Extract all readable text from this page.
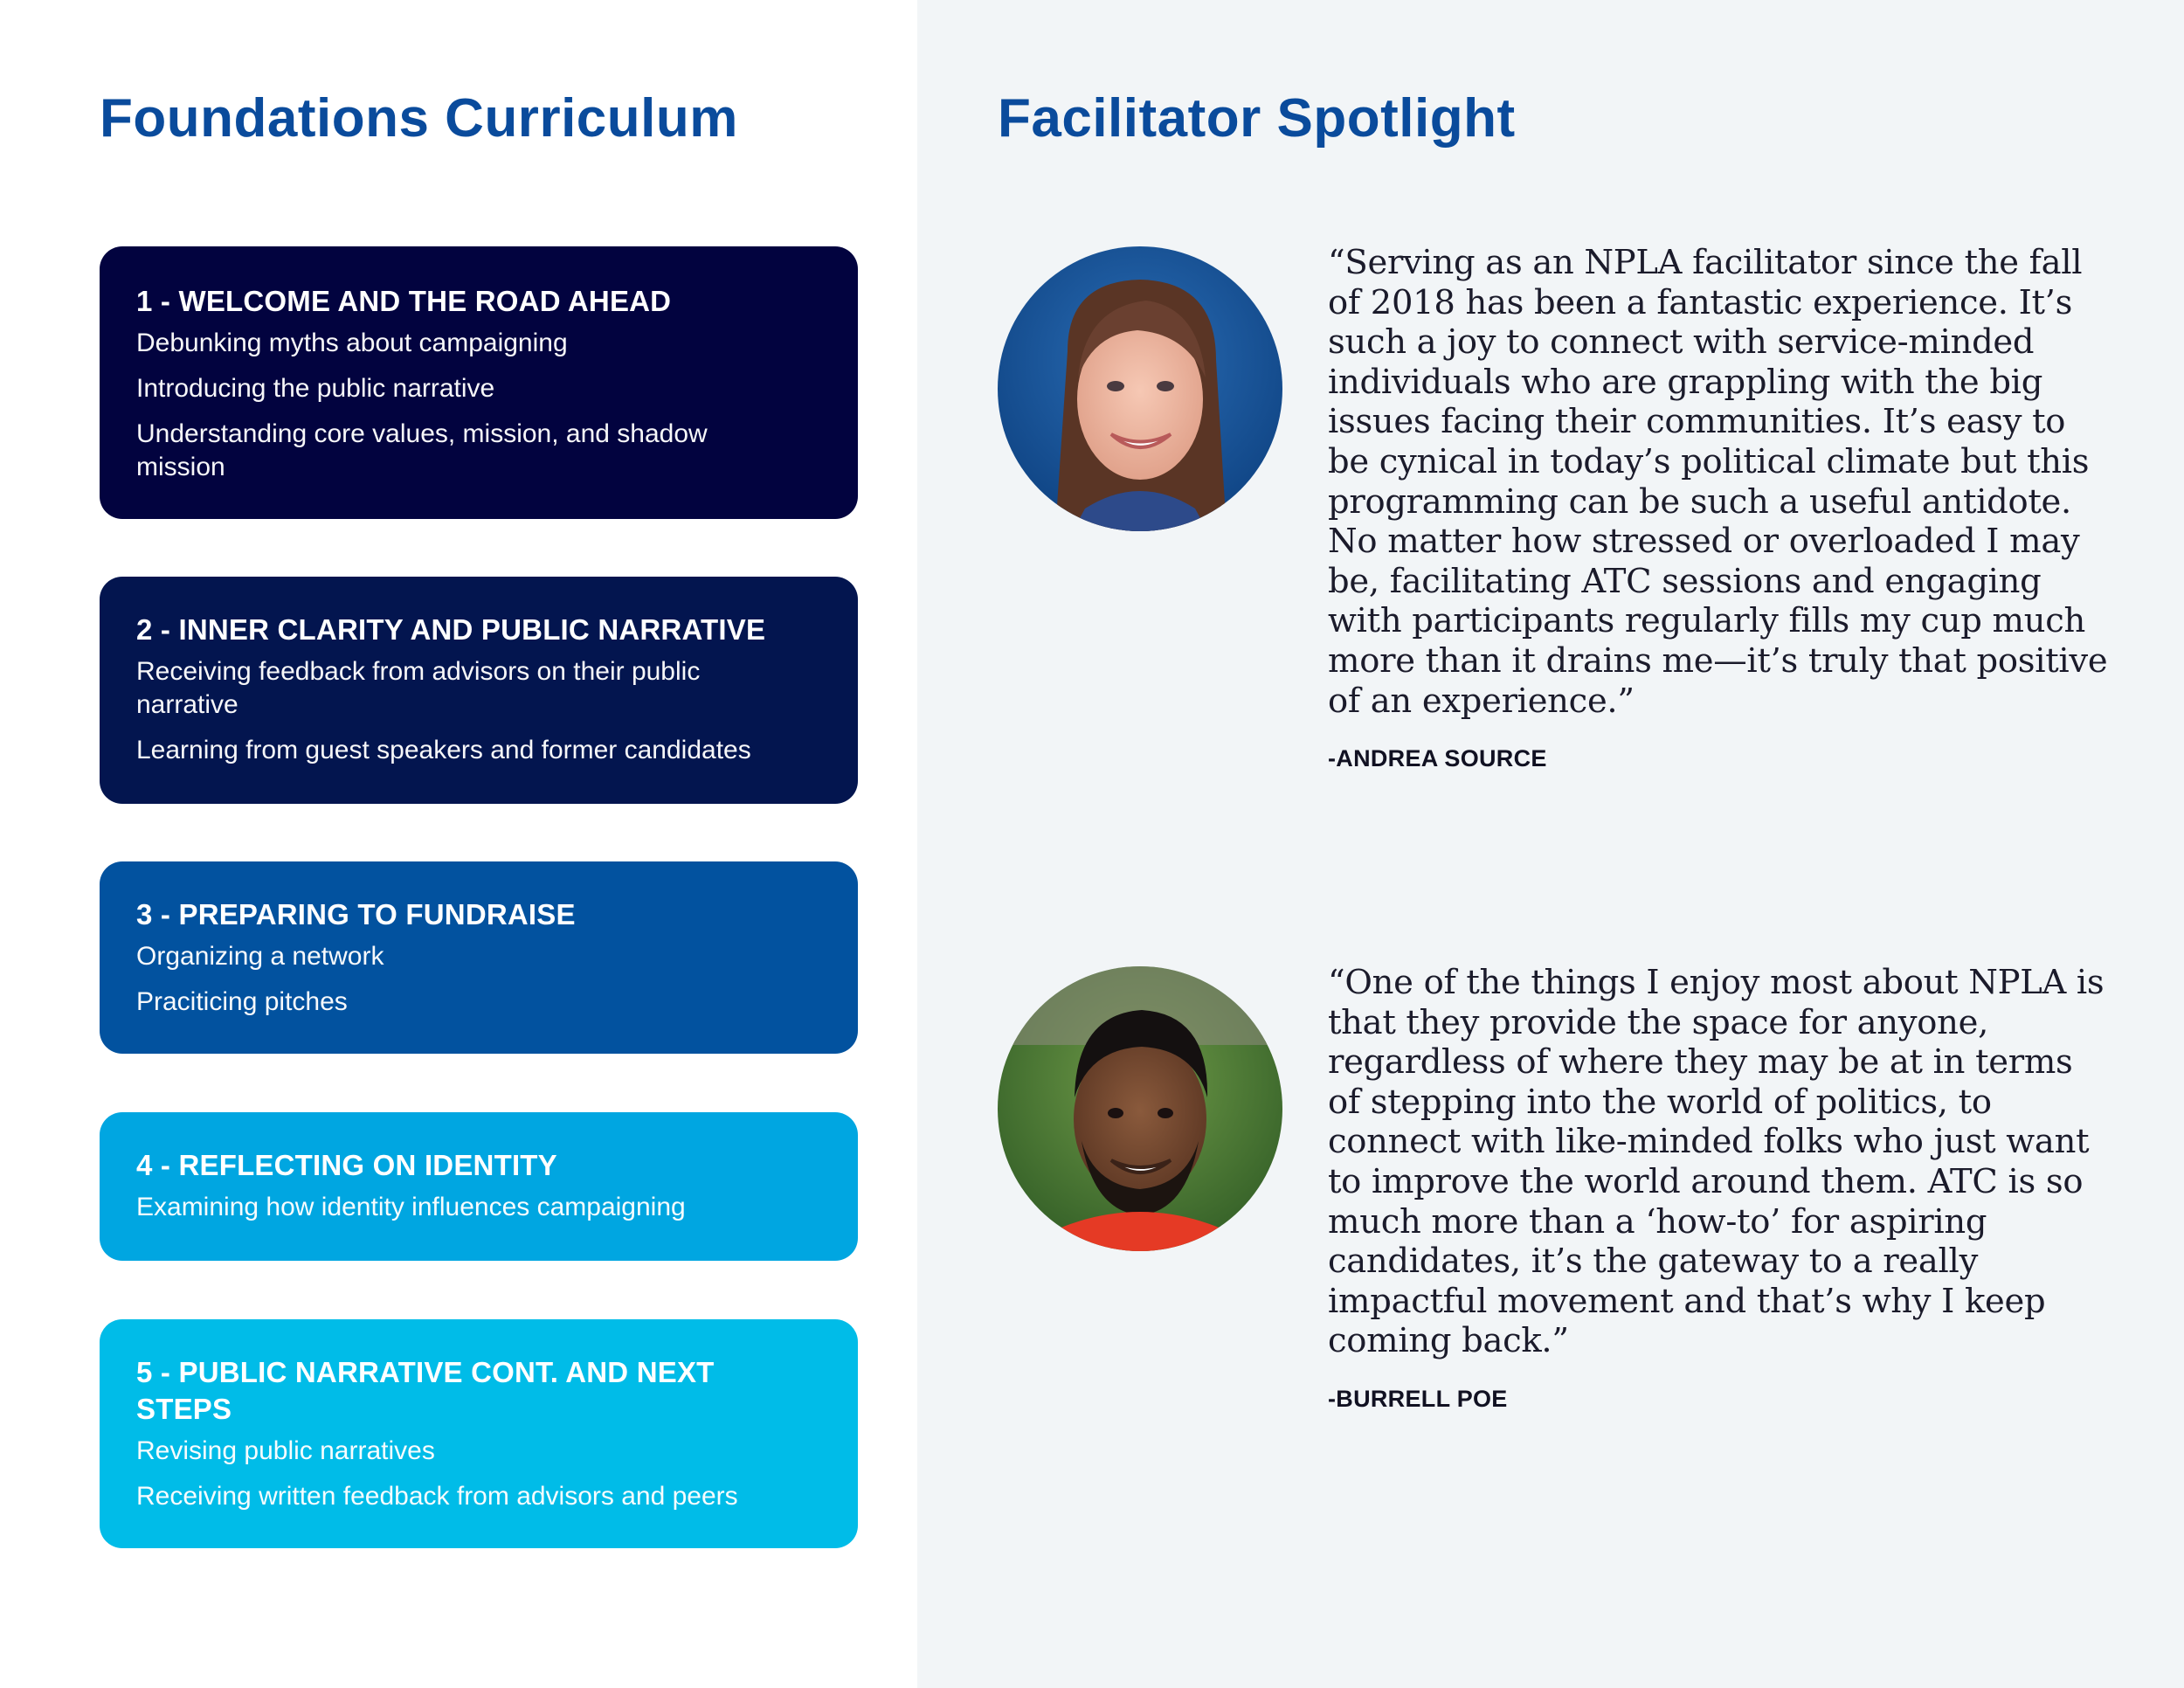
Foundations Curriculum
1 - WELCOME AND THE ROAD AHEAD
Debunking myths about campaigning
Introducing the public narrative
Understanding core values, mission, and shadow mission
2 - INNER CLARITY AND PUBLIC NARRATIVE
Receiving feedback from advisors on their public narrative
Learning from guest speakers and former candidates
3 - PREPARING TO FUNDRAISE
Organizing a network
Praciticing pitches
4 - REFLECTING ON IDENTITY
Examining how identity influences campaigning
5 - PUBLIC NARRATIVE CONT. AND NEXT STEPS
Revising public narratives
Receiving written feedback from advisors and peers
Facilitator Spotlight

“Serving as an NPLA facilitator since the fall of 2018 has been a fantastic experience. It’s such a joy to connect with service-minded individuals who are grappling with the big issues facing their communities. It’s easy to be cynical in today’s political climate but this programming can be such a useful antidote. No matter how stressed or overloaded I may be, facilitating ATC sessions and engaging with participants regularly fills my cup much more than it drains me—it’s truly that positive of an experience.”

-ANDREA SOURCE

“One of the things I enjoy most about NPLA is that they provide the space for anyone, regardless of where they may be at in terms of stepping into the world of politics, to connect with like-minded folks who just want to improve the world around them. ATC is so much more than a ‘how-to’ for aspiring candidates, it’s the gateway to a really impactful movement and that’s why I keep coming back.”

-BURRELL POE
